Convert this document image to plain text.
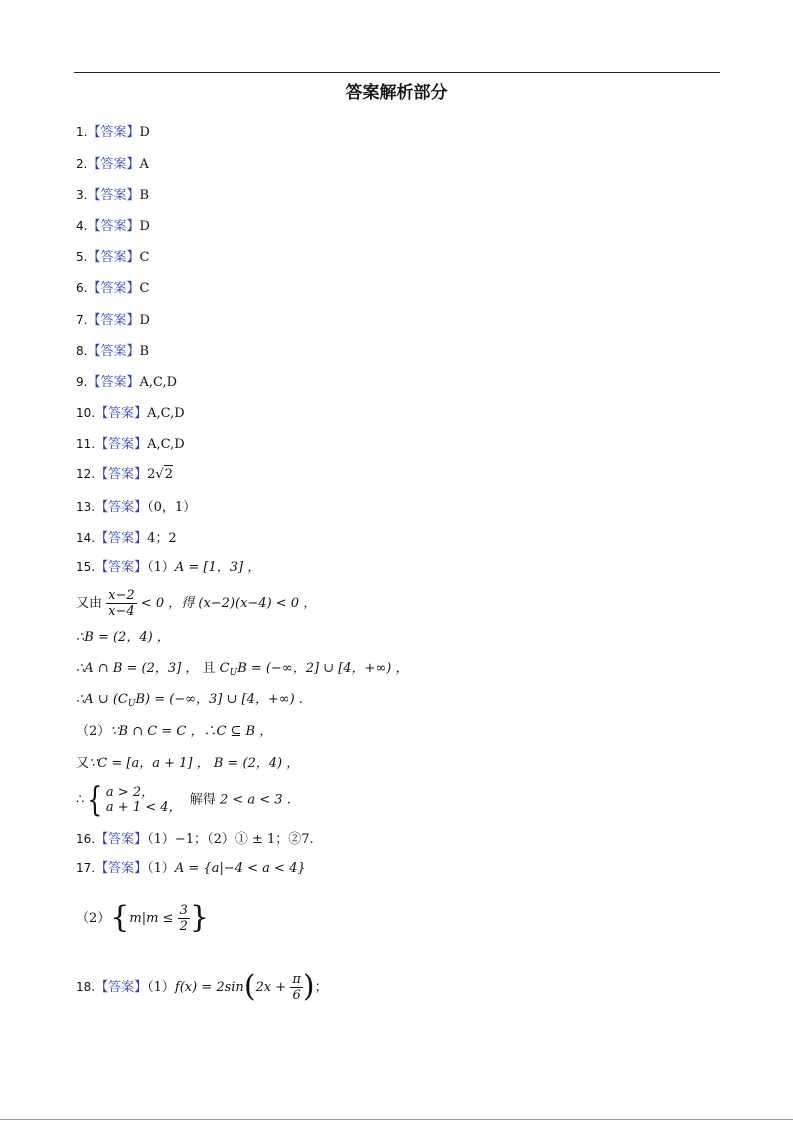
答案解析部分
1.【答案】D
2.【答案】A
3.【答案】B
4.【答案】D
5.【答案】C
6.【答案】C
7.【答案】D
8.【答案】B
9.【答案】A,C,D
10.【答案】A,C,D
11.【答案】A,C,D
12.【答案】2√2
13.【答案】（0，1）
14.【答案】4；2
15.【答案】（1）A = [1，3] ，
又由 $\frac{x-2}{x-4} < 0$ ，得 (x−2)(x−4) < 0 ，
∴B = (2，4) ，
∴A ∩ B = (2，3] ， 且 $C_UB$ = (−∞，2] ∪ [4，+∞) ，
∴A ∪ $(C_UB)$ = (−∞，3] ∪ [4，+∞) .
（2）∵B ∩ C = C ，∴C ⊆ B ，
又∵C = [a，a + 1] ， B = (2，4) ，
∴{ a > 2，
a + 1 < 4， 解得 2 < a < 3 .
16.【答案】（1）−1；（2）① ± 1；②7.
17.【答案】（1）A = {a|−4 < a < 4}
$(2)\{m|m \le \frac{3}{2}$ }
18.【答案】$(1)f(x) = 2\sin(2x + \frac{\pi}{6}$ )；
